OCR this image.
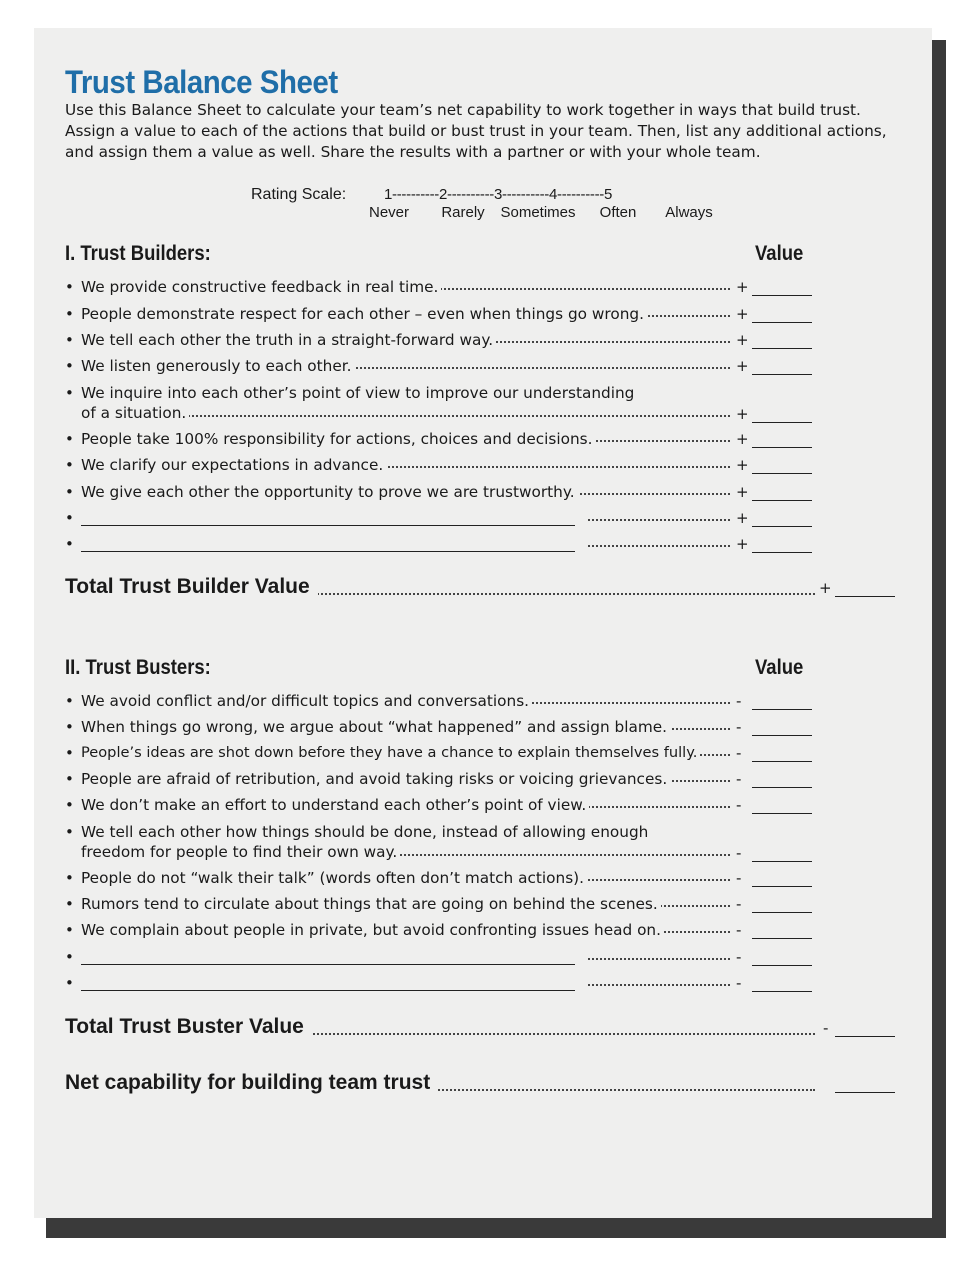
Trust Balance Sheet
Use this Balance Sheet to calculate your team’s net capability to work together in ways that build trust. Assign a value to each of the actions that build or bust trust in your team. Then, list any additional actions, and assign them a value as well. Share the results with a partner or with your whole team.
Rating Scale:	1----------2----------3----------4----------5
Never Rarely Sometimes Often Always
I. Trust Builders:	Value
• We provide constructive feedback in real time.	+
• People demonstrate respect for each other – even when things go wrong.	+
• We tell each other the truth in a straight-forward way.	+
• We listen generously to each other.	+
• We inquire into each other’s point of view to improve our understanding
of a situation.	+
• People take 100% responsibility for actions, choices and decisions.	+
• We clarify our expectations in advance.	+
• We give each other the opportunity to prove we are trustworthy.	+
•	+
•	+
Total Trust Builder Value	+
II. Trust Busters:	Value
• We avoid conflict and/or difficult topics and conversations.	-
• When things go wrong, we argue about “what happened” and assign blame.	-
• People’s ideas are shot down before they have a chance to explain themselves fully.	-
• People are afraid of retribution, and avoid taking risks or voicing grievances.	-
• We don’t make an effort to understand each other’s point of view.	-
• We tell each other how things should be done, instead of allowing enough
freedom for people to find their own way.	-
• People do not “walk their talk” (words often don’t match actions).	-
• Rumors tend to circulate about things that are going on behind the scenes.	-
• We complain about people in private, but avoid confronting issues head on.	-
•	-
•	-
Total Trust Buster Value	-
Net capability for building team trust
